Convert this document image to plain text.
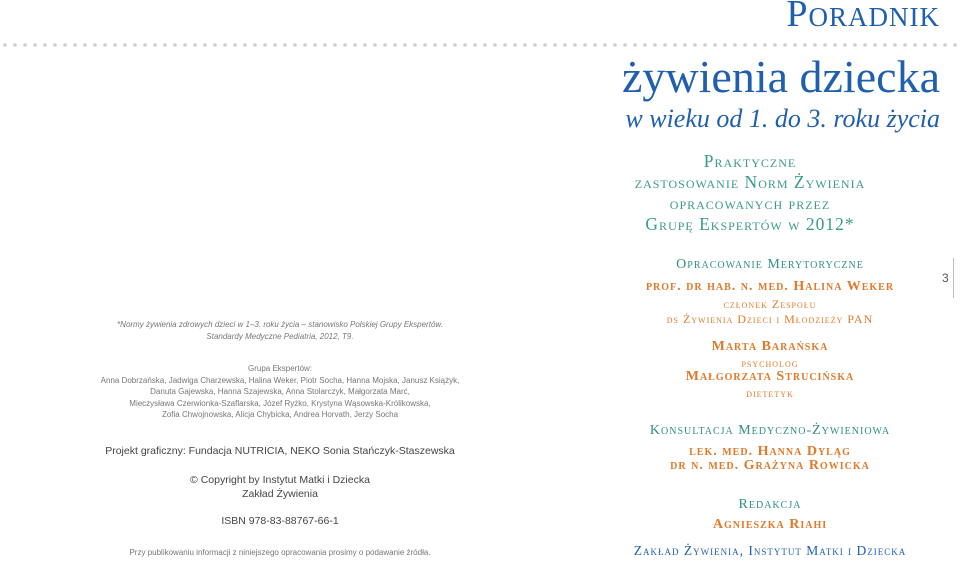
Poradnik
żywienia dziecka
w wieku od 1. do 3. roku życia
Praktyczne
zastosowanie Norm Żywienia
opracowanych przez
Grupę Ekspertów w 2012*
3
Opracowanie Merytoryczne
prof. dr hab. n. med. Halina Weker
członek Zespołu
ds Żywienia Dzieci i Młodzieży PAN
Marta Barańska
psycholog
Małgorzata Strucińska
dietetyk
Konsultacja Medyczno-Żywieniowa
lek. med. Hanna Dyląg
dr n. med. Grażyna Rowicka
Redakcja
Agnieszka Riahi
Zakład Żywienia, Instytut Matki i Dziecka
*Normy żywienia zdrowych dzieci w 1–3. roku życia – stanowisko Polskiej Grupy Ekspertów.
Standardy Medyczne Pediatria, 2012, T9.
Grupa Ekspertów:
Anna Dobrzańska, Jadwiga Charzewska, Halina Weker, Piotr Socha, Hanna Mojska, Janusz Książyk,
Danuta Gajewska, Hanna Szajewska, Anna Stolarczyk, Małgorzata Marć,
Mieczysława Czerwionka-Szaflarska, Józef Ryżko, Krystyna Wąsowska-Królikowska,
Zofia Chwojnowska, Alicja Chybicka, Andrea Horvath, Jerzy Socha
Projekt graficzny: Fundacja NUTRICIA, NEKO Sonia Stańczyk-Staszewska
© Copyright by Instytut Matki i Dziecka
Zakład Żywienia
ISBN 978-83-88767-66-1
Przy publikowaniu informacji z niniejszego opracowania prosimy o podawanie źródła.
